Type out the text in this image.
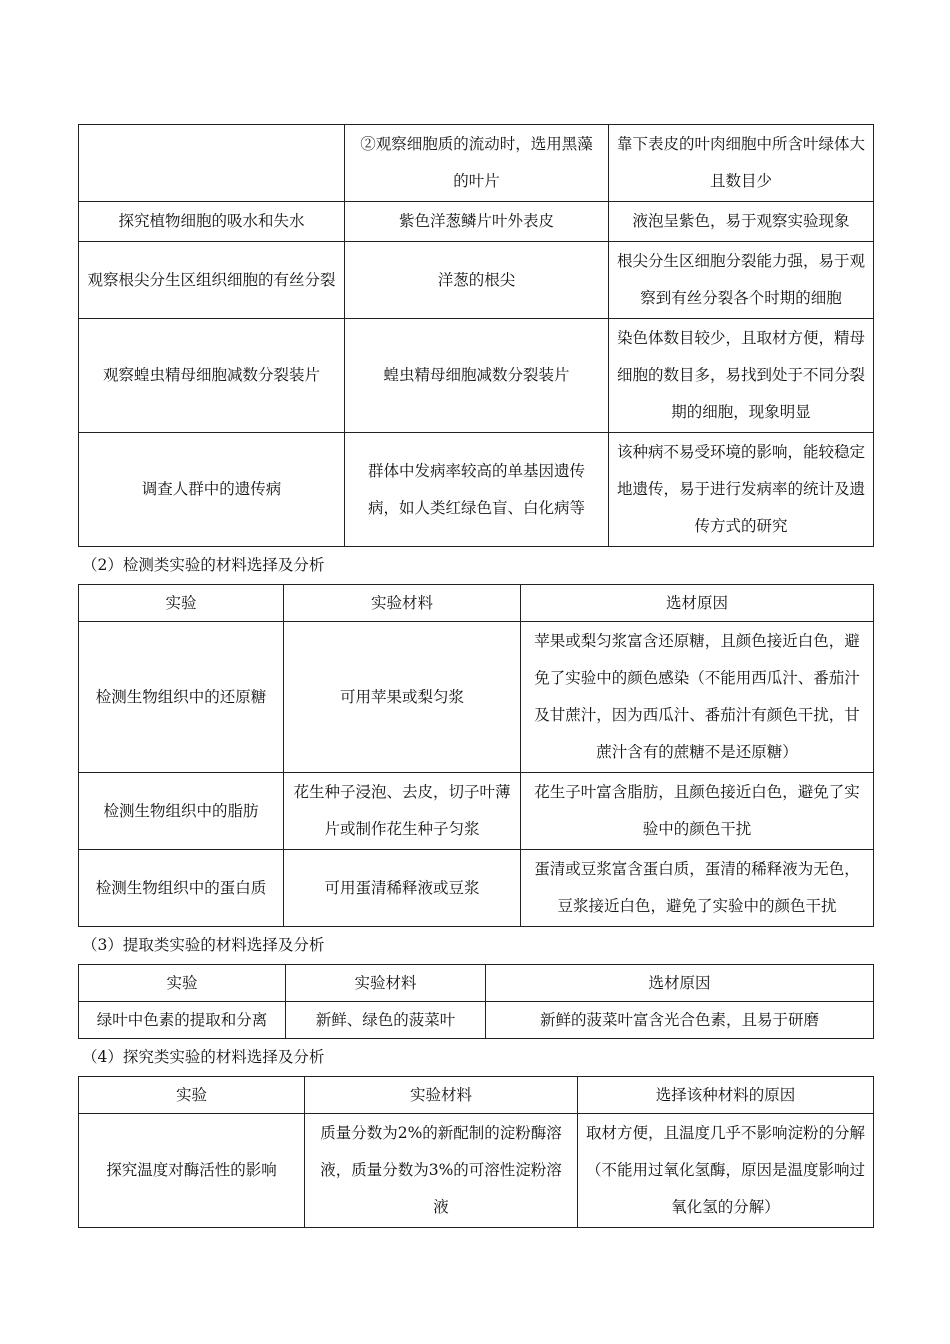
	②观察细胞质的流动时，选用黑藻的叶片	靠下表皮的叶肉细胞中所含叶绿体大且数目少
探究植物细胞的吸水和失水	紫色洋葱鳞片叶外表皮	液泡呈紫色，易于观察实验现象
观察根尖分生区组织细胞的有丝分裂	洋葱的根尖	根尖分生区细胞分裂能力强，易于观察到有丝分裂各个时期的细胞
观察蝗虫精母细胞减数分裂装片	蝗虫精母细胞减数分裂装片	染色体数目较少，且取材方便，精母细胞的数目多，易找到处于不同分裂期的细胞，现象明显
调查人群中的遗传病	群体中发病率较高的单基因遗传病，如人类红绿色盲、白化病等	该种病不易受环境的影响，能较稳定地遗传，易于进行发病率的统计及遗传方式的研究

（2）检测类实验的材料选择及分析

实验	实验材料	选材原因
检测生物组织中的还原糖	可用苹果或梨匀浆	苹果或梨匀浆富含还原糖，且颜色接近白色，避免了实验中的颜色感染（不能用西瓜汁、番茄汁及甘蔗汁，因为西瓜汁、番茄汁有颜色干扰，甘蔗汁含有的蔗糖不是还原糖）
检测生物组织中的脂肪	花生种子浸泡、去皮，切子叶薄片或制作花生种子匀浆	花生子叶富含脂肪，且颜色接近白色，避免了实验中的颜色干扰
检测生物组织中的蛋白质	可用蛋清稀释液或豆浆	蛋清或豆浆富含蛋白质，蛋清的稀释液为无色，豆浆接近白色，避免了实验中的颜色干扰

（3）提取类实验的材料选择及分析

实验	实验材料	选材原因
绿叶中色素的提取和分离	新鲜、绿色的菠菜叶	新鲜的菠菜叶富含光合色素，且易于研磨

（4）探究类实验的材料选择及分析

实验	实验材料	选择该种材料的原因
探究温度对酶活性的影响	质量分数为2%的新配制的淀粉酶溶液，质量分数为3%的可溶性淀粉溶液	取材方便，且温度几乎不影响淀粉的分解（不能用过氧化氢酶，原因是温度影响过氧化氢的分解）
